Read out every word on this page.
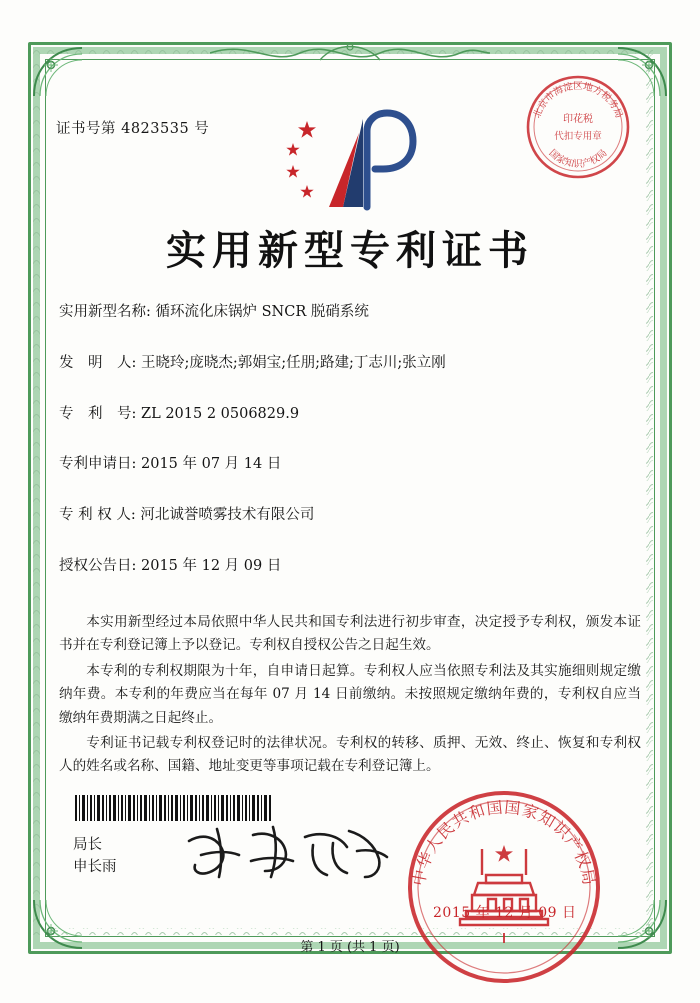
证书号第 4823535 号
北京市海淀区地方税务局
国家知识产权局
印花税
代扣专用章
实用新型专利证书
实用新型名称: 循环流化床锅炉 SNCR 脱硝系统
发　明　人: 王晓玲;庞晓杰;郭娟宝;任朋;路建;丁志川;张立刚
专　利　号: ZL 2015 2 0506829.9
专利申请日: 2015 年 07 月 14 日
专 利 权 人: 河北诚誉喷雾技术有限公司
授权公告日: 2015 年 12 月 09 日

本实用新型经过本局依照中华人民共和国专利法进行初步审查，决定授予专利权，颁发本证书并在专利登记簿上予以登记。专利权自授权公告之日起生效。

本专利的专利权期限为十年，自申请日起算。专利权人应当依照专利法及其实施细则规定缴纳年费。本专利的年费应当在每年 07 月 14 日前缴纳。未按照规定缴纳年费的，专利权自应当缴纳年费期满之日起终止。

专利证书记载专利权登记时的法律状况。专利权的转移、质押、无效、终止、恢复和专利权人的姓名或名称、国籍、地址变更等事项记载在专利登记簿上。

局长
申长雨	中华人民共和国国家知识产权局
2015 年 12 月 09 日
第 1 页 (共 1 页)
